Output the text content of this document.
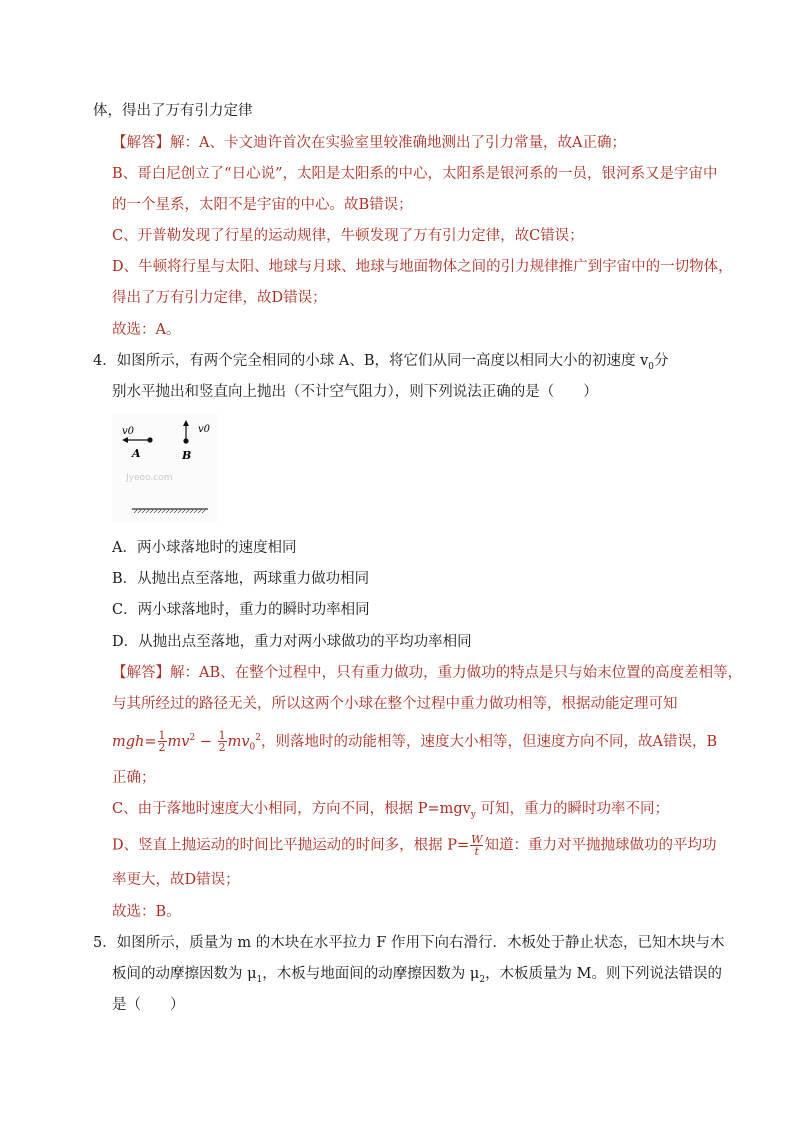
体，得出了万有引力定律
【解答】解：A、卡文迪许首次在实验室里较准确地测出了引力常量，故A正确；
B、哥白尼创立了“日心说”，太阳是太阳系的中心，太阳系是银河系的一员，银河系又是宇宙中
的一个星系，太阳不是宇宙的中心。故B错误；
C、开普勒发现了行星的运动规律，牛顿发现了万有引力定律，故C错误；
D、牛顿将行星与太阳、地球与月球、地球与地面物体之间的引力规律推广到宇宙中的一切物体，
得出了万有引力定律，故D错误；
故选：A。
4．如图所示，有两个完全相同的小球 A、B，将它们从同一高度以相同大小的初速度 $v_0$分
别水平抛出和竖直向上抛出（不计空气阻力），则下列说法正确的是（　　）
v0
A
v0
B
Jyeoo.com
A．两小球落地时的速度相同
B．从抛出点至落地，两球重力做功相同
C．两小球落地时，重力的瞬时功率相同
D．从抛出点至落地，重力对两小球做功的平均功率相同
【解答】解：AB、在整个过程中，只有重力做功，重力做功的特点是只与始末位置的高度差相等，
与其所经过的路径无关，所以这两个小球在整个过程中重力做功相等，根据动能定理可知
$mgh= \frac{1}{2} mv^2 - \frac{1}{2} mv_0^2$，则落地时的动能相等，速度大小相等，但速度方向不同，故A错误，B
正确；
C、由于落地时速度大小相同，方向不同，根据 P=mgv$_y$ 可知，重力的瞬时功率不同；
D、竖直上抛运动的时间比平抛运动的时间多，根据 $P= \frac{W}{t}$ 知道：重力对平抛抛球做功的平均功
率更大，故D错误；
故选：B。
5．如图所示，质量为 m 的木块在水平拉力 F 作用下向右滑行．木板处于静止状态，已知木块与木
板间的动摩擦因数为 $\mu_1$，木板与地面间的动摩擦因数为 $\mu_2$，木板质量为 M。则下列说法错误的
是（　　）
